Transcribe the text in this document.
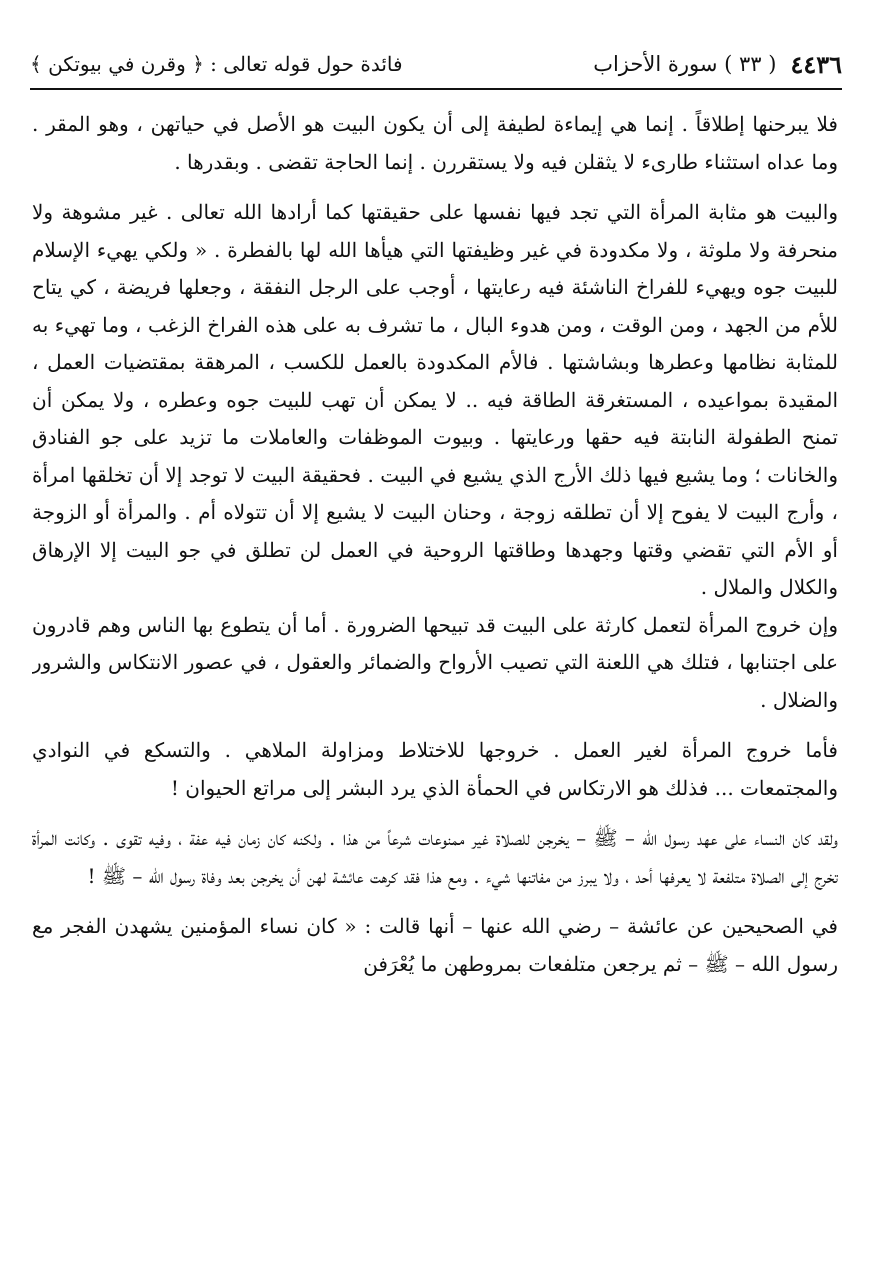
٤٤٣٦
( ٣٣ ) سورة الأحزاب
فائدة حول قوله تعالى : ﴿ وقرن في بيوتكن ﴾

فلا يبرحنها إطلاقاً . إنما هي إيماءة لطيفة إلى أن يكون البيت هو الأصل في حياتهن ، وهو المقر . وما عداه استثناء طارىء لا يثقلن فيه ولا يستقررن . إنما الحاجة تقضى . وبقدرها .

والبيت هو مثابة المرأة التي تجد فيها نفسها على حقيقتها كما أرادها الله تعالى . غير مشوهة ولا منحرفة ولا ملوثة ، ولا مكدودة في غير وظيفتها التي هيأها الله لها بالفطرة . « ولكي يهيء الإسلام للبيت جوه ويهيء للفراخ الناشئة فيه رعايتها ، أوجب على الرجل النفقة ، وجعلها فريضة ، كي يتاح للأم من الجهد ، ومن الوقت ، ومن هدوء البال ، ما تشرف به على هذه الفراخ الزغب ، وما تهيء به للمثابة نظامها وعطرها وبشاشتها . فالأم المكدودة بالعمل للكسب ، المرهقة بمقتضيات العمل ، المقيدة بمواعيده ، المستغرقة الطاقة فيه .. لا يمكن أن تهب للبيت جوه وعطره ، ولا يمكن أن تمنح الطفولة النابتة فيه حقها ورعايتها . وبيوت الموظفات والعاملات ما تزيد على جو الفنادق والخانات ؛ وما يشيع فيها ذلك الأرج الذي يشيع في البيت . فحقيقة البيت لا توجد إلا أن تخلقها امرأة ، وأرج البيت لا يفوح إلا أن تطلقه زوجة ، وحنان البيت لا يشيع إلا أن تتولاه أم . والمرأة أو الزوجة أو الأم التي تقضي وقتها وجهدها وطاقتها الروحية في العمل لن تطلق في جو البيت إلا الإرهاق والكلال والملال .

وإن خروج المرأة لتعمل كارثة على البيت قد تبيحها الضرورة . أما أن يتطوع بها الناس وهم قادرون على اجتنابها ، فتلك هي اللعنة التي تصيب الأرواح والضمائر والعقول ، في عصور الانتكاس والشرور والضلال .

فأما خروج المرأة لغير العمل . خروجها للاختلاط ومزاولة الملاهي . والتسكع في النوادي والمجتمعات ... فذلك هو الارتكاس في الحمأة الذي يرد البشر إلى مراتع الحيوان !

ولقد كان النساء على عهد رسول الله – ﷺ – يخرجن للصلاة غير ممنوعات شرعاً من هذا . ولكنه كان زمان فيه عفة ، وفيه تقوى . وكانت المرأة تخرج إلى الصلاة متلفعة لا يعرفها أحد ، ولا يبرز من مفاتنها شيء . ومع هذا فقد كرهت عائشة لهن أن يخرجن بعد وفاة رسول الله – ﷺ !

في الصحيحين عن عائشة – رضي الله عنها – أنها قالت : « كان نساء المؤمنين يشهدن الفجر مع رسول الله – ﷺ – ثم يرجعن متلفعات بمروطهن ما يُعْرَفن
